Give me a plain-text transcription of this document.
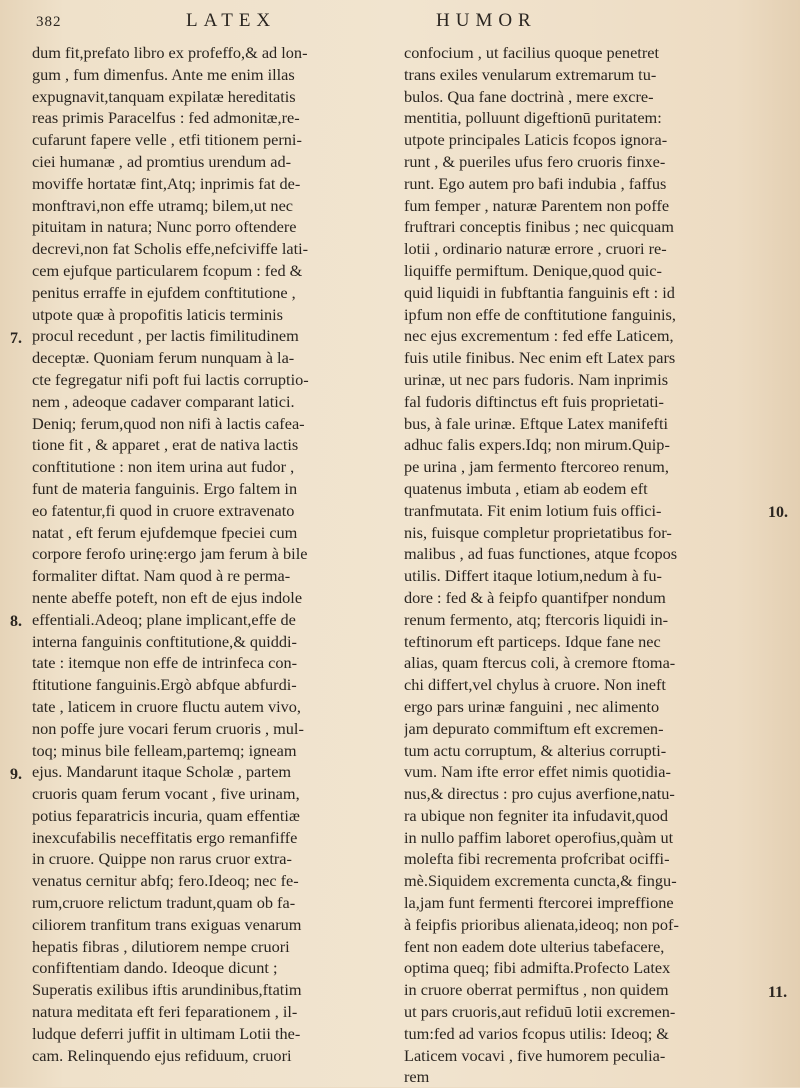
382	LATEX	HUMOR
dum fit,prefato libro ex profeffo,& ad lon-
gum , fum dimenfus. Ante me enim illas
expugnavit,tanquam expilatæ hereditatis
reas primis Paracelfus : fed admonitæ,re-
cufarunt fapere velle , etfi titionem perni-
ciei humanæ , ad promtius urendum ad-
moviffe hortatæ fint,Atq; inprimis fat de-
monftravi,non effe utramq; bilem,ut nec
pituitam in natura; Nunc porro oftendere
decrevi,non fat Scholis effe,nefciviffe lati-
cem ejufque particularem fcopum : fed &
penitus erraffe in ejufdem conftitutione ,
utpote quæ à propofitis laticis terminis
procul recedunt , per lactis fimilitudinem
deceptæ. Quoniam ferum nunquam à la-
cte fegregatur nifi poft fui lactis corruptio-
nem , adeoque cadaver comparant latici.
Deniq; ferum,quod non nifi à lactis cafea-
tione fit , & apparet , erat de nativa lactis
conftitutione : non item urina aut fudor ,
funt de materia fanguinis. Ergo faltem in
eo fatentur,fi quod in cruore extravenato
natat , eft ferum ejufdemque fpeciei cum
corpore ferofo urinę:ergo jam ferum à bile
formaliter diftat. Nam quod à re perma-
nente abeffe poteft, non eft de ejus indole
effentiali.Adeoq; plane implicant,effe de
interna fanguinis conftitutione,& quiddi-
tate : itemque non effe de intrinfeca con-
ftitutione fanguinis.Ergò abfque abfurdi-
tate , laticem in cruore fluctu autem vivo,
non poffe jure vocari ferum cruoris , mul-
toq; minus bile felleam,partemq; igneam
ejus. Mandarunt itaque Scholæ , partem
cruoris quam ferum vocant , five urinam,
potius feparatricis incuria, quam effentiæ
inexcufabilis neceffitatis ergo remanfiffe
in cruore. Quippe non rarus cruor extra-
venatus cernitur abfq; fero.Ideoq; nec fe-
rum,cruore relictum tradunt,quam ob fa-
ciliorem tranfitum trans exiguas venarum
hepatis fibras , dilutiorem nempe cruori
confiftentiam dando. Ideoque dicunt ;
Superatis exilibus iftis arundinibus,ftatim
natura meditata eft feri feparationem , il-
ludque deferri juffit in ultimam Lotii the-
cam. Relinquendo ejus refiduum, cruori
confocium , ut facilius quoque penetret
trans exiles venularum extremarum tu-
bulos. Qua fane doctrinà , mere excre-
mentitia, polluunt digeftionū puritatem:
utpote principales Laticis fcopos ignora-
runt , & pueriles ufus fero cruoris finxe-
runt. Ego autem pro bafi indubia , faffus
fum femper , naturæ Parentem non poffe
fruftrari conceptis finibus ; nec quicquam
lotii , ordinario naturæ errore , cruori re-
liquiffe permiftum. Denique,quod quic-
quid liquidi in fubftantia fanguinis eft : id
ipfum non effe de conftitutione fanguinis,
nec ejus excrementum : fed effe Laticem,
fuis utile finibus. Nec enim eft Latex pars
urinæ, ut nec pars fudoris. Nam inprimis
fal fudoris diftinctus eft fuis proprietati-
bus, à fale urinæ. Eftque Latex manifefti
adhuc falis expers.Idq; non mirum.Quip-
pe urina , jam fermento ftercoreo renum,
quatenus imbuta , etiam ab eodem eft
tranfmutata. Fit enim lotium fuis offici-
nis, fuisque completur proprietatibus for-
malibus , ad fuas functiones, atque fcopos
utilis. Differt itaque lotium,nedum à fu-
dore : fed & à feipfo quantifper nondum
renum fermento, atq; ftercoris liquidi in-
teftinorum eft particeps. Idque fane nec
alias, quam ftercus coli, à cremore ftoma-
chi differt,vel chylus à cruore. Non ineft
ergo pars urinæ fanguini , nec alimento
jam depurato commiftum eft excremen-
tum actu corruptum, & alterius corrupti-
vum. Nam ifte error effet nimis quotidia-
nus,& directus : pro cujus averfione,natu-
ra ubique non fegniter ita infudavit,quod
in nullo paffim laboret operofius,quàm ut
molefta fibi recrementa profcribat ociffi-
mè.Siquidem excrementa cuncta,& fingu-
la,jam funt fermenti ftercorei impreffione
à feipfis prioribus alienata,ideoq; non pof-
fent non eadem dote ulterius tabefacere,
optima queq; fibi admifta.Profecto Latex
in cruore oberrat permiftus , non quidem
ut pars cruoris,aut refiduū lotii excremen-
tum:fed ad varios fcopus utilis: Ideoq; &
Laticem vocavi , five humorem peculia-
rem
7.
8.
9.
10.
11.
